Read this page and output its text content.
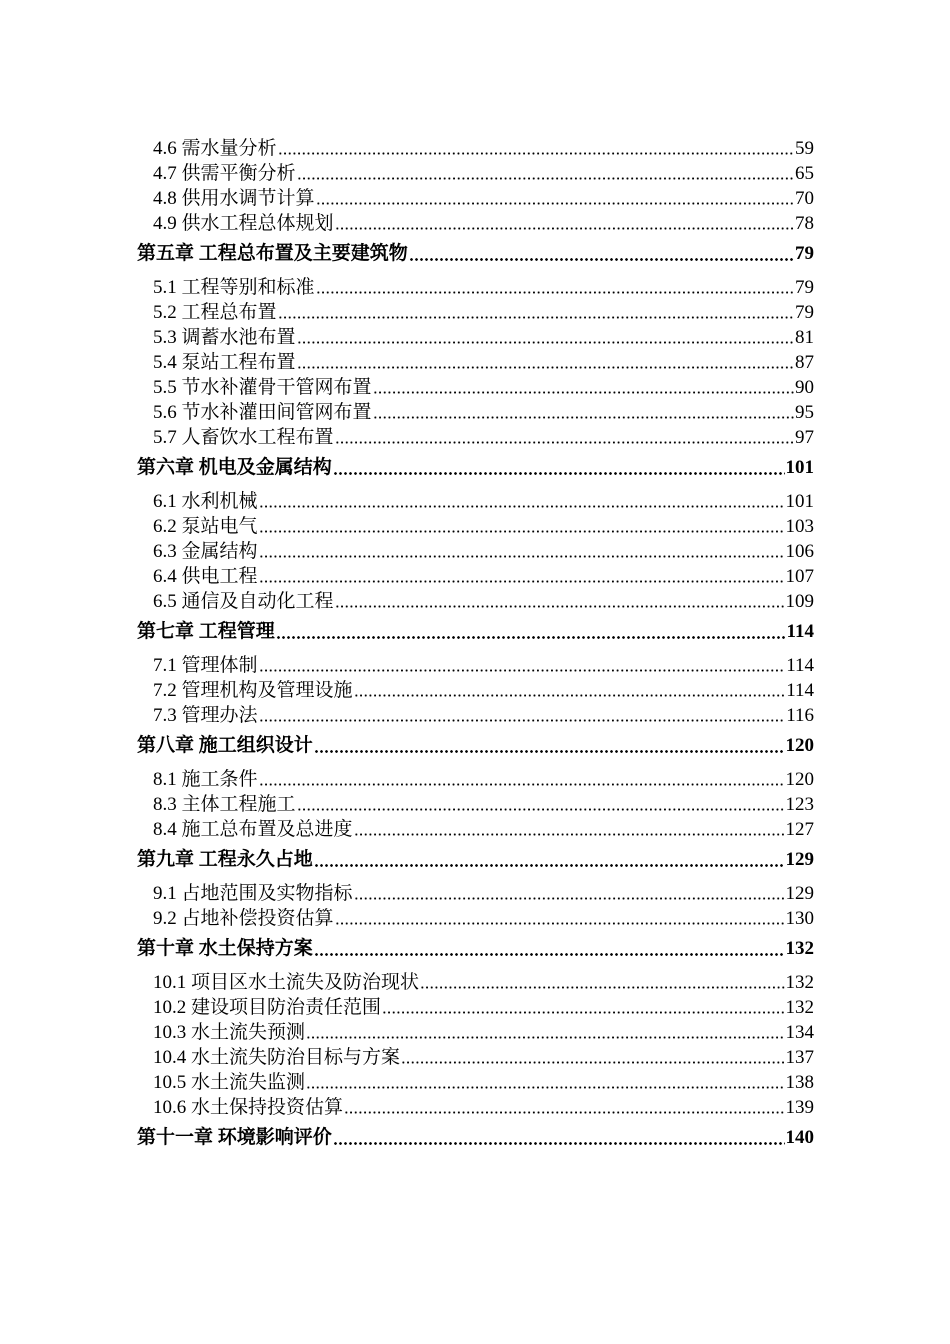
4.6 需水量分析	59
4.7 供需平衡分析	65
4.8 供用水调节计算	70
4.9 供水工程总体规划	78
第五章 工程总布置及主要建筑物	79
5.1 工程等别和标准	79
5.2 工程总布置	79
5.3 调蓄水池布置	81
5.4 泵站工程布置	87
5.5 节水补灌骨干管网布置	90
5.6 节水补灌田间管网布置	95
5.7 人畜饮水工程布置	97
第六章 机电及金属结构	101
6.1 水利机械	101
6.2 泵站电气	103
6.3 金属结构	106
6.4 供电工程	107
6.5 通信及自动化工程	109
第七章 工程管理	114
7.1 管理体制	114
7.2 管理机构及管理设施	114
7.3 管理办法	116
第八章 施工组织设计	120
8.1 施工条件	120
8.3 主体工程施工	123
8.4 施工总布置及总进度	127
第九章 工程永久占地	129
9.1 占地范围及实物指标	129
9.2 占地补偿投资估算	130
第十章 水土保持方案	132
10.1 项目区水土流失及防治现状	132
10.2 建设项目防治责任范围	132
10.3 水土流失预测	134
10.4 水土流失防治目标与方案	137
10.5 水土流失监测	138
10.6 水土保持投资估算	139
第十一章 环境影响评价	140
